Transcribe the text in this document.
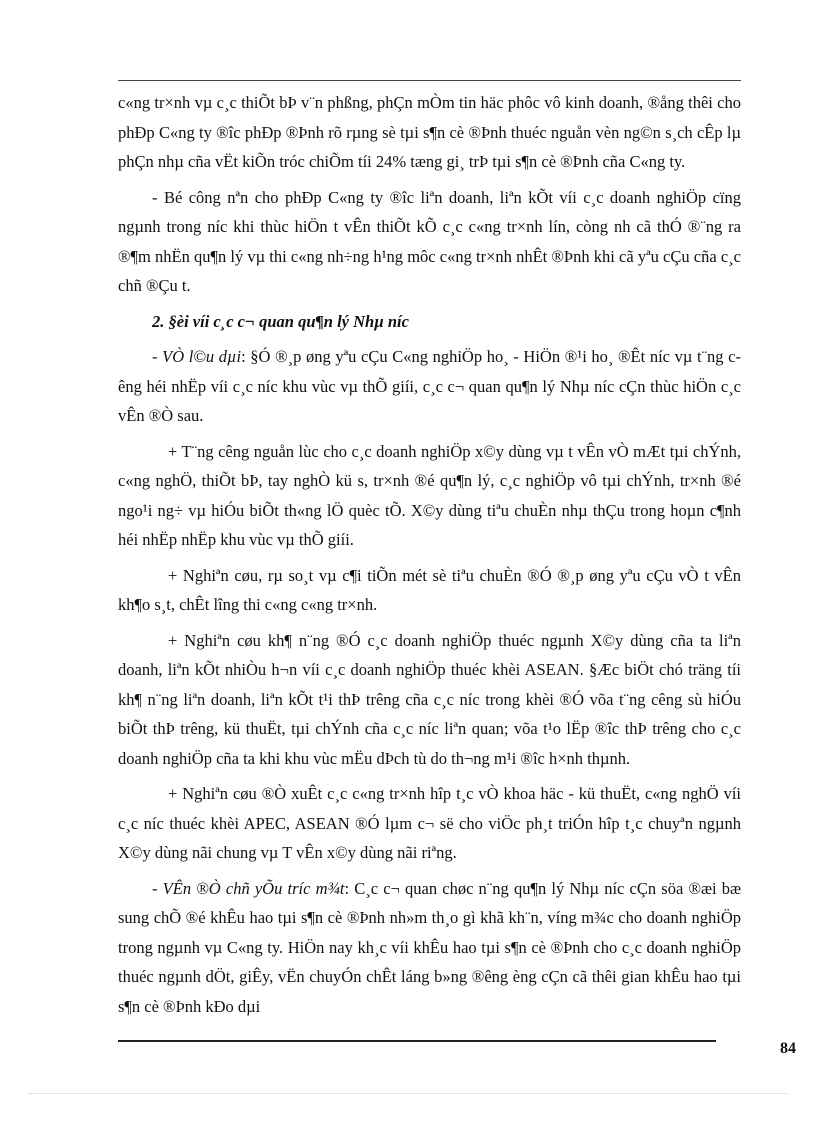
c«ng tr×nh vµ c¸c thiÕt bÞ v¨n phßng, phÇn mÒm tin häc phôc vô kinh doanh, ®ång thêi cho phÐp C«ng ty ®îc phÐp ®Þnh rõ rµng sè tµi s¶n cè ®Þnh thuéc nguån vèn ng©n s¸ch cÊp lµ phÇn nhµ cña vËt kiÕn tróc chiÕm tíi 24% tæng gi¸ trÞ tµi s¶n cè ®Þnh cña C«ng ty.

- Bé công nªn cho phÐp C«ng ty ®îc liªn doanh, liªn kÕt víi c¸c doanh nghiÖp cïng ngµnh trong níc khi thùc hiÖn t vÊn thiÕt kÕ c¸c c«ng tr×nh lín, còng nh cã thÓ ®¨ng ra ®¶m nhËn qu¶n lý vµ thi c«ng nh÷ng h¹ng môc c«ng tr×nh nhÊt ®Þnh khi cã yªu cÇu cña c¸c chñ ®Çu t.

2. §èi víi c¸c c¬ quan qu¶n lý Nhµ níc

- VÒ l©u dµi: §Ó ®¸p øng yªu cÇu C«ng nghiÖp ho¸ - HiÖn ®¹i ho¸ ®Êt níc vµ t¨ng cêng héi nhËp víi c¸c níc khu vùc vµ thÕ giíi, c¸c c¬ quan qu¶n lý Nhµ níc cÇn thùc hiÖn c¸c vÊn ®Ò sau.

+ T¨ng cêng nguån lùc cho c¸c doanh nghiÖp x©y dùng vµ t vÊn vÒ mÆt tµi chÝnh, c«ng nghÖ, thiÕt bÞ, tay nghÒ kü s, tr×nh ®é qu¶n lý, c¸c nghiÖp vô tµi chÝnh, tr×nh ®é ngo¹i ng÷ vµ hiÓu biÕt th«ng lÖ quèc tÕ. X©y dùng tiªu chuÈn nhµ thÇu trong hoµn c¶nh héi nhËp nhËp khu vùc vµ thÕ giíi.

+ Nghiªn cøu, rµ so¸t vµ c¶i tiÕn mét sè tiªu chuÈn ®Ó ®¸p øng yªu cÇu vÒ t vÊn kh¶o s¸t, chÊt lîng thi c«ng c«ng tr×nh.

+ Nghiªn cøu kh¶ n¨ng ®Ó c¸c doanh nghiÖp thuéc ngµnh X©y dùng cña ta liªn doanh, liªn kÕt nhiÒu h¬n víi c¸c doanh nghiÖp thuéc khèi ASEAN. §Æc biÖt chó träng tíi kh¶ n¨ng liªn doanh, liªn kÕt t¹i thÞ trêng cña c¸c níc trong khèi ®Ó võa t¨ng cêng sù hiÓu biÕt thÞ trêng, kü thuËt, tµi chÝnh cña c¸c níc liªn quan; võa t¹o lËp ®îc thÞ trêng cho c¸c doanh nghiÖp cña ta khi khu vùc mËu dÞch tù do th¬ng m¹i ®îc h×nh thµnh.

+ Nghiªn cøu ®Ò xuÊt c¸c c«ng tr×nh hîp t¸c vÒ khoa häc - kü thuËt, c«ng nghÖ víi c¸c níc thuéc khèi APEC, ASEAN ®Ó lµm c¬ së cho viÖc ph¸t triÓn hîp t¸c chuyªn ngµnh X©y dùng nãi chung vµ T vÊn x©y dùng nãi riªng.

- VÊn ®Ò chñ yÕu tríc m¾t: C¸c c¬ quan chøc n¨ng qu¶n lý Nhµ níc cÇn söa ®æi bæ sung chÕ ®é khÊu hao tµi s¶n cè ®Þnh nh»m th¸o gì khã kh¨n, víng m¾c cho doanh nghiÖp trong ngµnh vµ C«ng ty. HiÖn nay kh¸c víi khÊu hao tµi s¶n cè ®Þnh cho c¸c doanh nghiÖp thuéc ngµnh dÖt, giÊy, vËn chuyÓn chÊt láng b»ng ®êng èng cÇn cã thêi gian khÊu hao tµi s¶n cè ®Þnh kÐo dµi

84
